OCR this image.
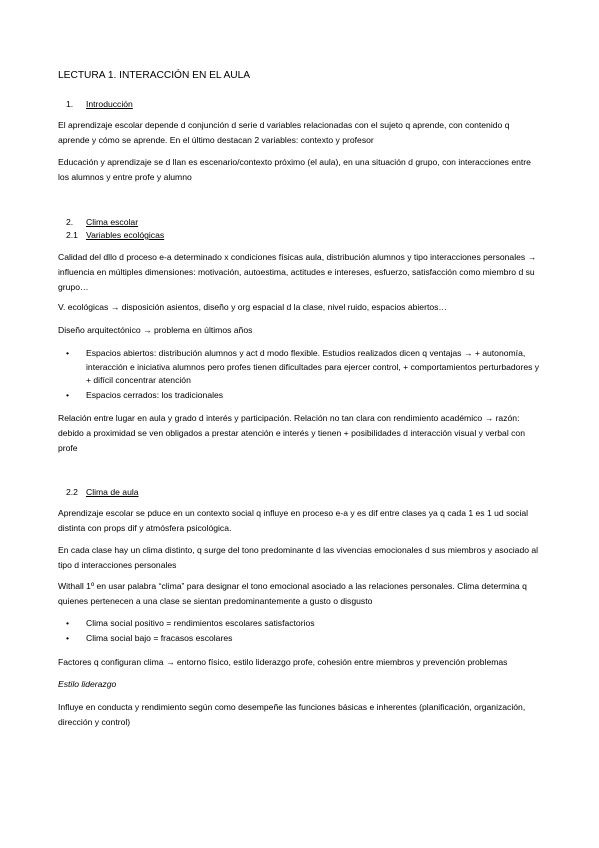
LECTURA 1. INTERACCIÓN EN EL AULA
1. Introducción

El aprendizaje escolar depende d conjunción d serie d variables relacionadas con el sujeto q aprende, con contenido q aprende y cómo se aprende. En el último destacan 2 variables: contexto y profesor

Educación y aprendizaje se d llan es escenario/contexto próximo (el aula), en una situación d grupo, con interacciones entre los alumnos y entre profe y alumno

2. Clima escolar
2.1 Variables ecológicas

Calidad del dllo d proceso e-a determinado x condiciones físicas aula, distribución alumnos y tipo interacciones personales → influencia en múltiples dimensiones: motivación, autoestima, actitudes e intereses, esfuerzo, satisfacción como miembro d su grupo…

V. ecológicas → disposición asientos, diseño y org espacial d la clase, nivel ruido, espacios abiertos…

Diseño arquitectónico → problema en últimos años

• Espacios abiertos: distribución alumnos y act d modo flexible. Estudios realizados dicen q ventajas → + autonomía, interacción e iniciativa alumnos pero profes tienen dificultades para ejercer control, + comportamientos perturbadores y + difícil concentrar atención
• Espacios cerrados: los tradicionales

Relación entre lugar en aula y grado d interés y participación. Relación no tan clara con rendimiento académico → razón: debido a proximidad se ven obligados a prestar atención e interés y tienen + posibilidades d interacción visual y verbal con profe

2.2 Clima de aula

Aprendizaje escolar se pduce en un contexto social q influye en proceso e-a y es dif entre clases ya q cada 1 es 1 ud social distinta con props dif y atmósfera psicológica.

En cada clase hay un clima distinto, q surge del tono predominante d las vivencias emocionales d sus miembros y asociado al tipo d interacciones personales

Withall 1º en usar palabra “clima” para designar el tono emocional asociado a las relaciones personales. Clima determina q quienes pertenecen a una clase se sientan predominantemente a gusto o disgusto

• Clima social positivo = rendimientos escolares satisfactorios
• Clima social bajo = fracasos escolares

Factores q configuran clima → entorno físico, estilo liderazgo profe, cohesión entre miembros y prevención problemas

Estilo liderazgo

Influye en conducta y rendimiento según como desempeñe las funciones básicas e inherentes (planificación, organización, dirección y control)
